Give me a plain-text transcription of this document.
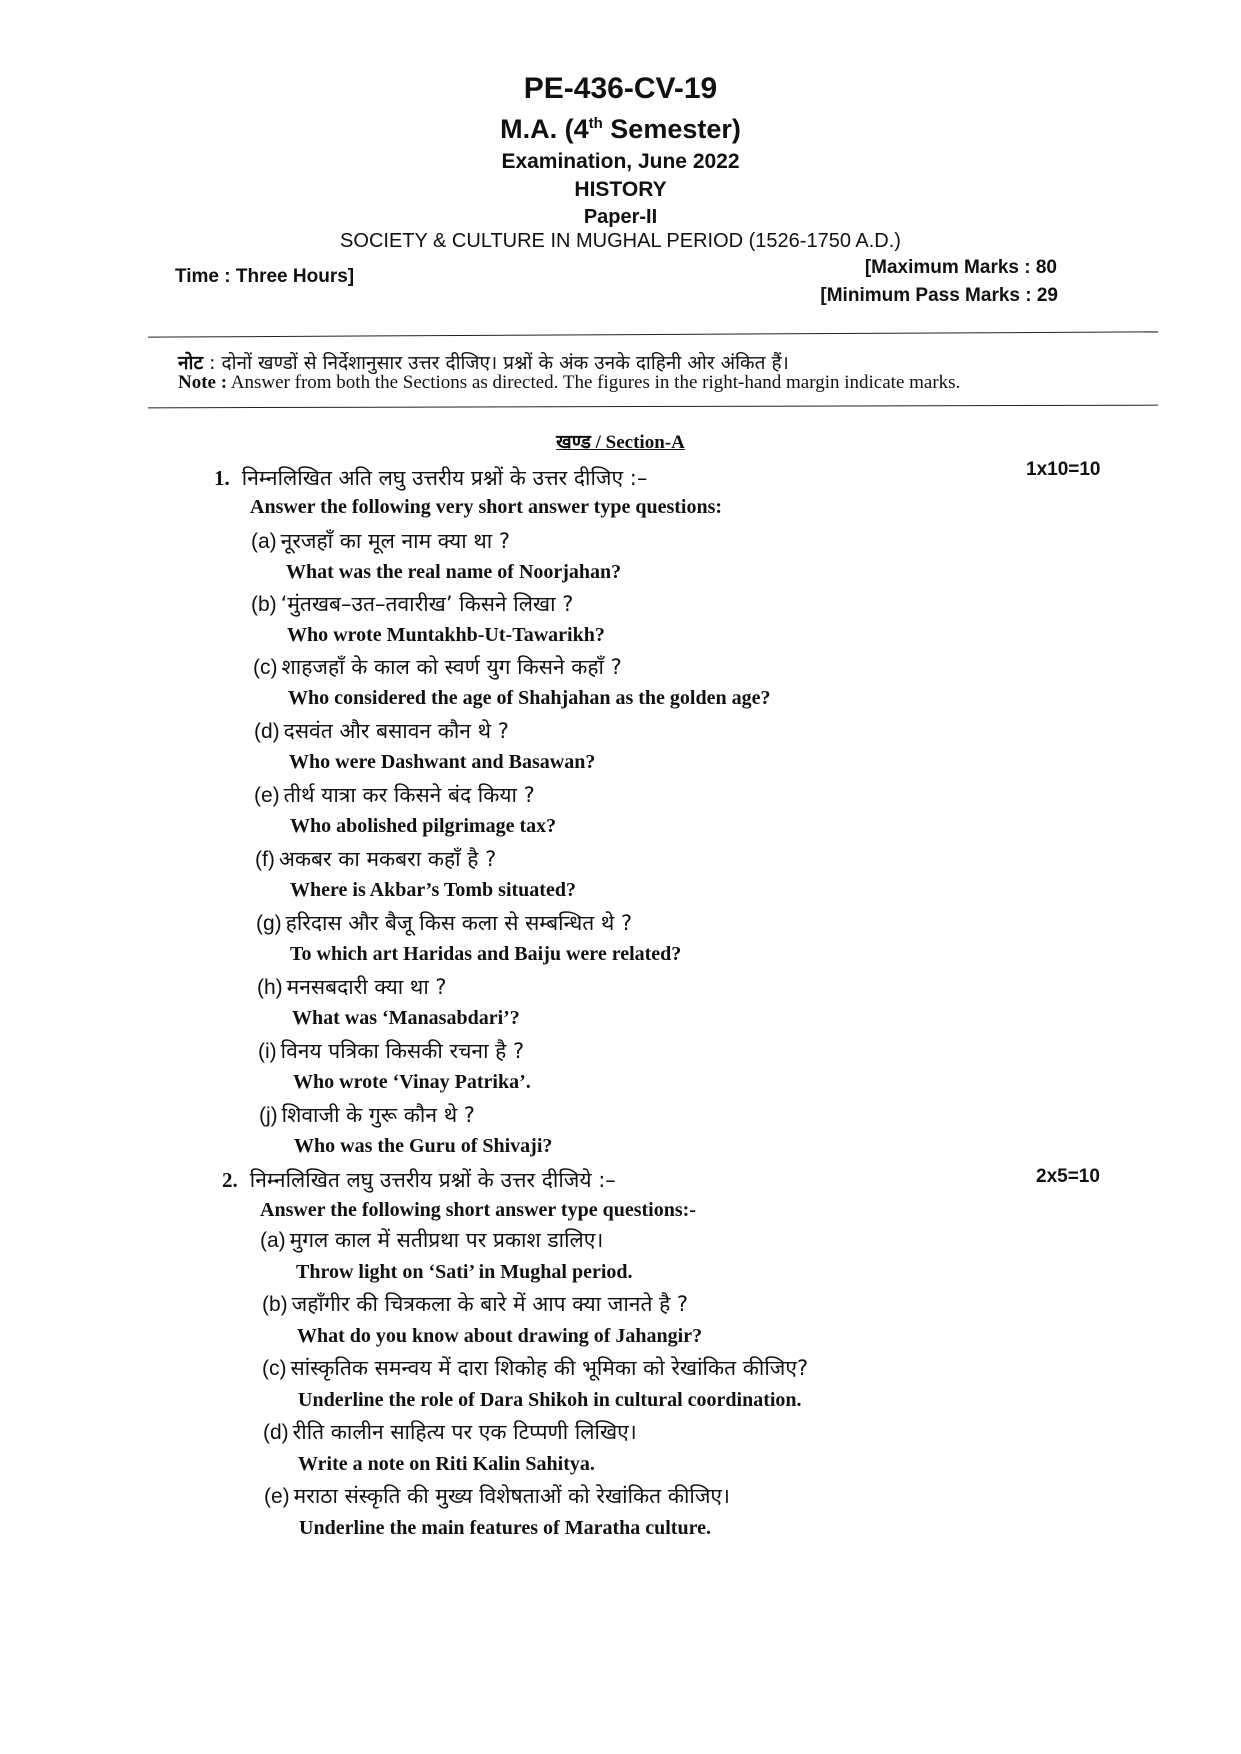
PE-436-CV-19
M.A. (4th Semester)
Examination, June 2022
HISTORY
Paper-II
SOCIETY & CULTURE IN MUGHAL PERIOD (1526-1750 A.D.)
Time : Three Hours]	[Maximum Marks : 80
[Minimum Pass Marks : 29
नोट : दोनों खण्डों से निर्देशानुसार उत्तर दीजिए। प्रश्नों के अंक उनके दाहिनी ओर अंकित हैं।
Note : Answer from both the Sections as directed. The figures in the right-hand margin indicate marks.
खण्ड / Section-A
1. निम्नलिखित अति लघु उत्तरीय प्रश्नों के उत्तर दीजिए :–	1x10=10
Answer the following very short answer type questions:
(a) नूरजहॉं का मूल नाम क्या था ?
What was the real name of Noorjahan?
(b) ‘मुंतखब–उत–तवारीख’ किसने लिखा ?
Who wrote Muntakhb-Ut-Tawarikh?
(c) शाहजहॉं के काल को स्वर्ण युग किसने कहॉं ?
Who considered the age of Shahjahan as the golden age?
(d) दसवंत और बसावन कौन थे ?
Who were Dashwant and Basawan?
(e) तीर्थ यात्रा कर किसने बंद किया ?
Who abolished pilgrimage tax?
(f) अकबर का मकबरा कहॉं है ?
Where is Akbar’s Tomb situated?
(g) हरिदास और बैजू किस कला से सम्बन्धित थे ?
To which art Haridas and Baiju were related?
(h) मनसबदारी क्या था ?
What was ‘Manasabdari’?
(i) विनय पत्रिका किसकी रचना है ?
Who wrote ‘Vinay Patrika’.
(j) शिवाजी के गुरू कौन थे ?
Who was the Guru of Shivaji?
2. निम्नलिखित लघु उत्तरीय प्रश्नों के उत्तर दीजिये :–	2x5=10
Answer the following short answer type questions:-
(a) मुगल काल में सतीप्रथा पर प्रकाश डालिए।
Throw light on ‘Sati’ in Mughal period.
(b) जहॉंगीर की चित्रकला के बारे में आप क्या जानते है ?
What do you know about drawing of Jahangir?
(c) सांस्कृतिक समन्वय में दारा शिकोह की भूमिका को रेखांकित कीजिए?
Underline the role of Dara Shikoh in cultural coordination.
(d) रीति कालीन साहित्य पर एक टिप्पणी लिखिए।
Write a note on Riti Kalin Sahitya.
(e) मराठा संस्कृति की मुख्य विशेषताओं को रेखांकित कीजिए।
Underline the main features of Maratha culture.
